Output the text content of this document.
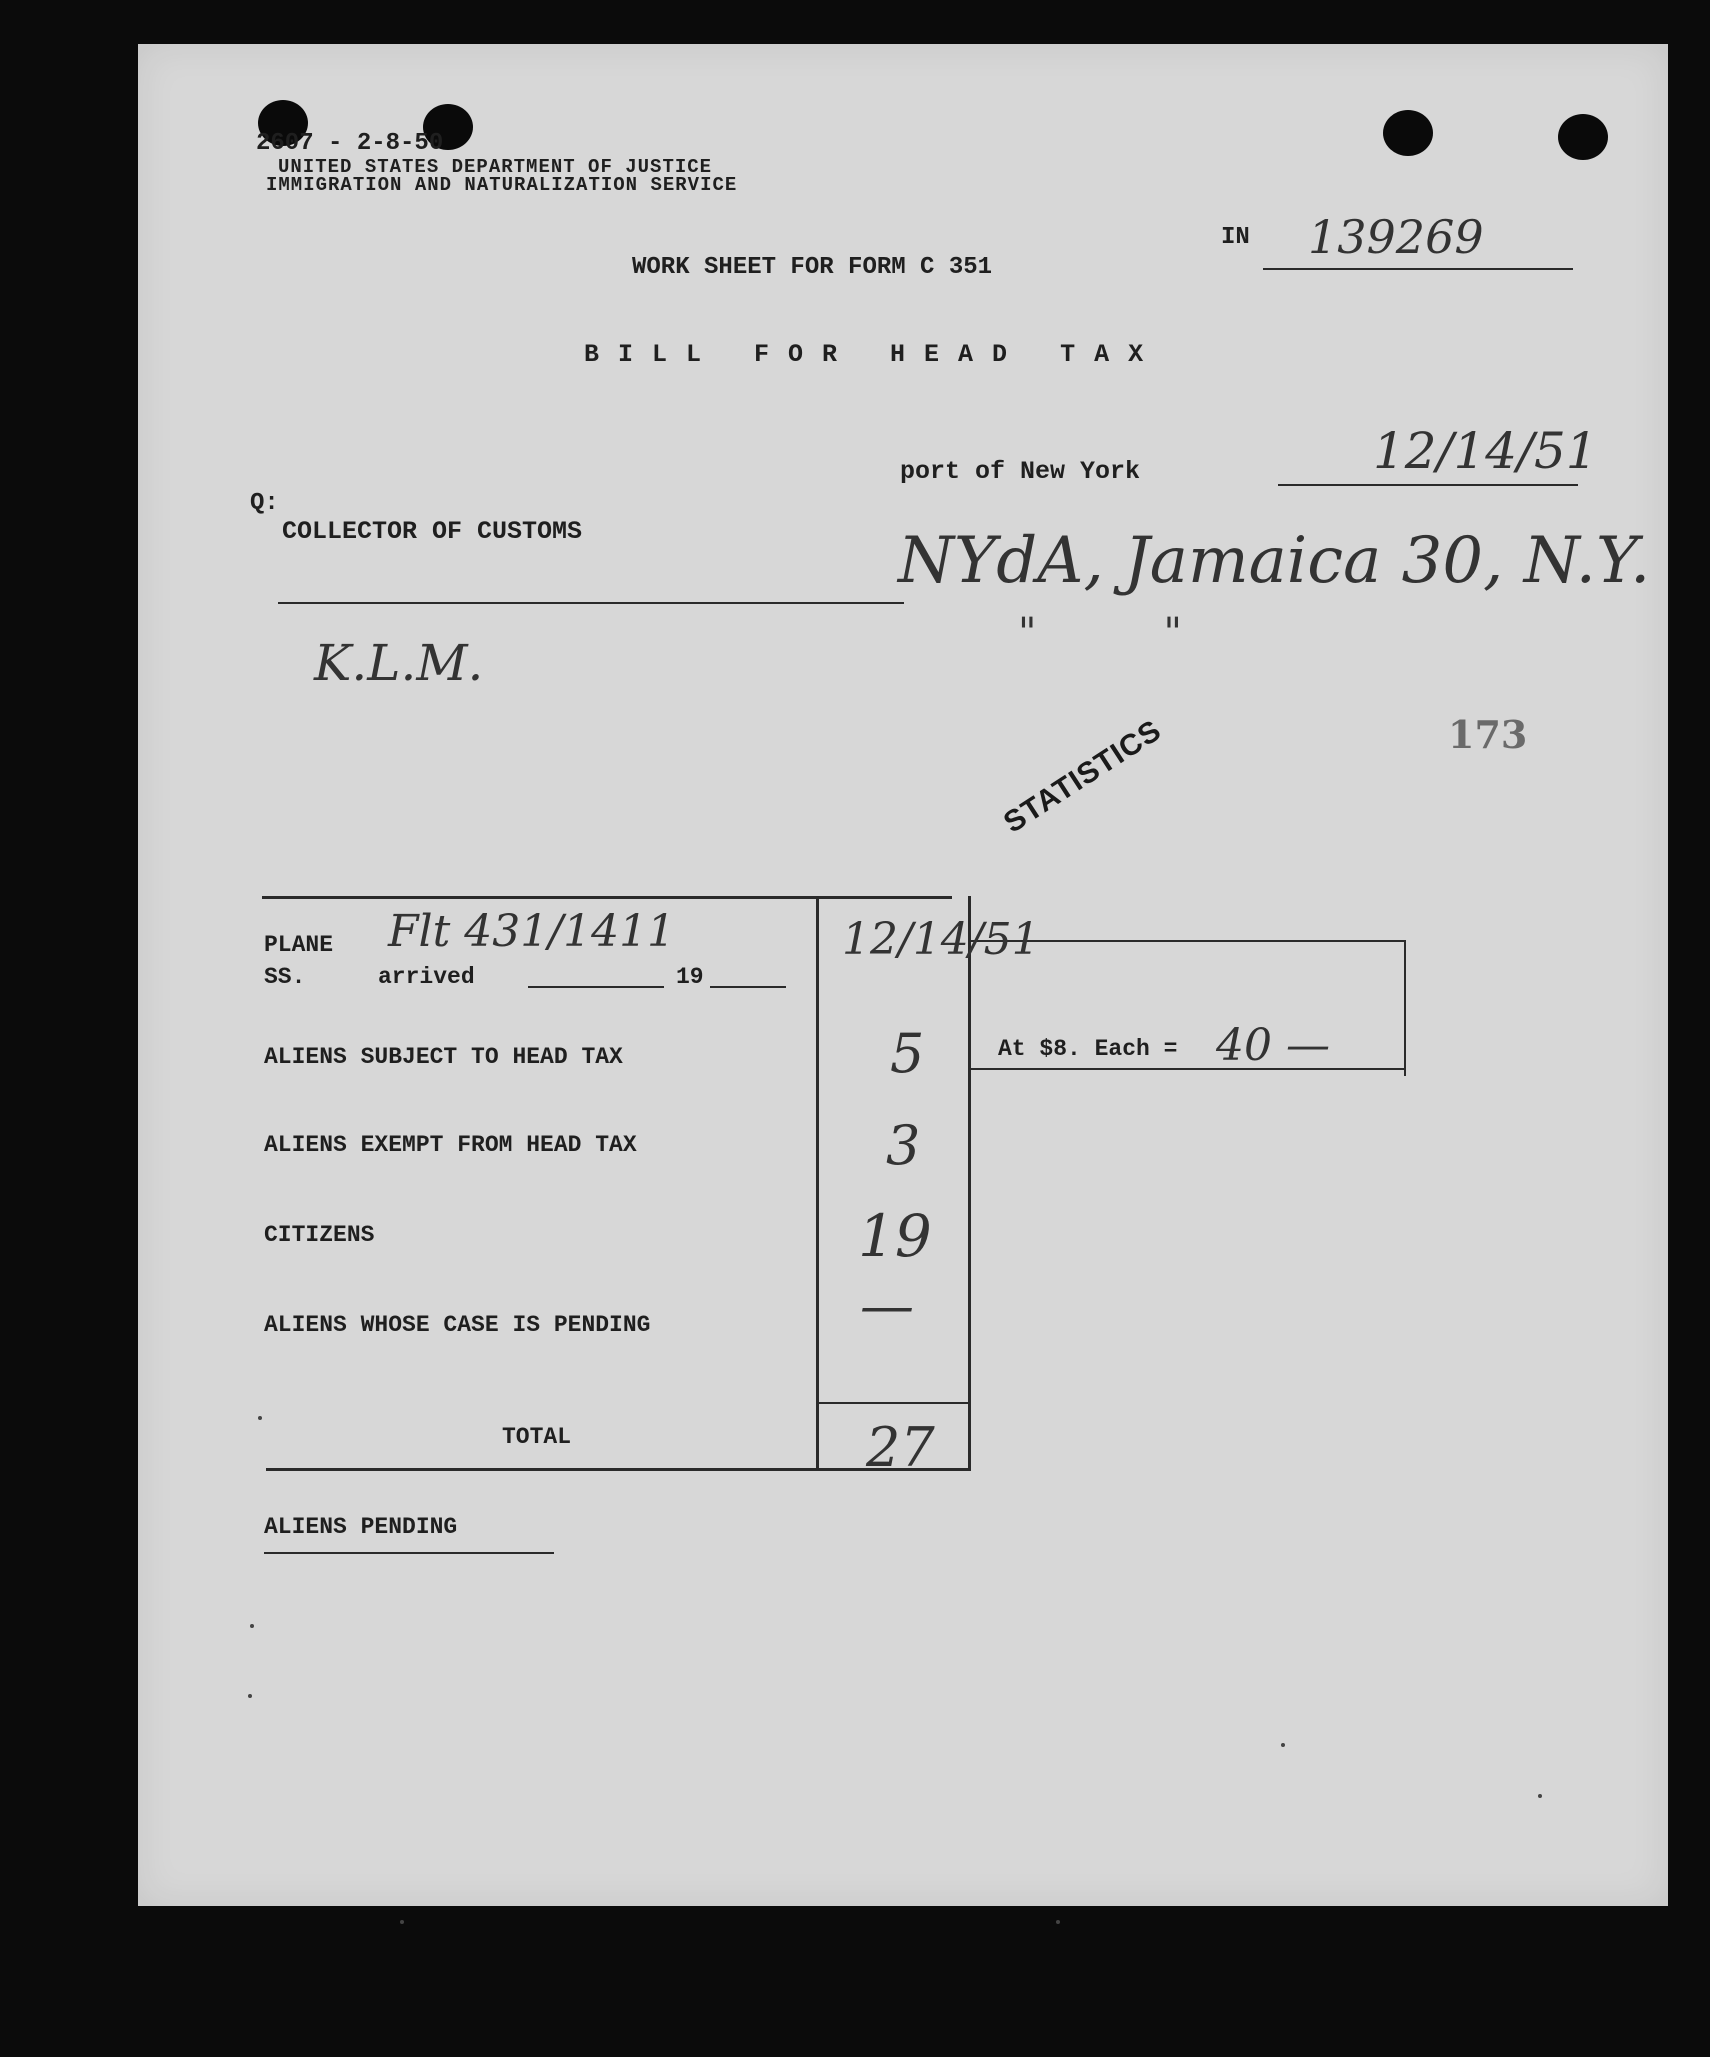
2607 - 2-8-50
UNITED STATES DEPARTMENT OF JUSTICE
IMMIGRATION AND NATURALIZATION SERVICE
IN 139269
WORK SHEET FOR FORM C 351
B I L L   F O R   H E A D   T A X
port of New York	12/14/51
Q:
COLLECTOR OF CUSTOMS	NYdA, Jamaica 30, N.Y.
"          "
K.L.M.
173
STATISTICS
PLANE Flt 431/1411	12/14/51
SS.	arrived	19
ALIENS SUBJECT TO HEAD TAX	5
ALIENS EXEMPT FROM HEAD TAX	3
CITIZENS	19
ALIENS WHOSE CASE IS PENDING	—
TOTAL	27
At $8. Each = 40 —
ALIENS PENDING
